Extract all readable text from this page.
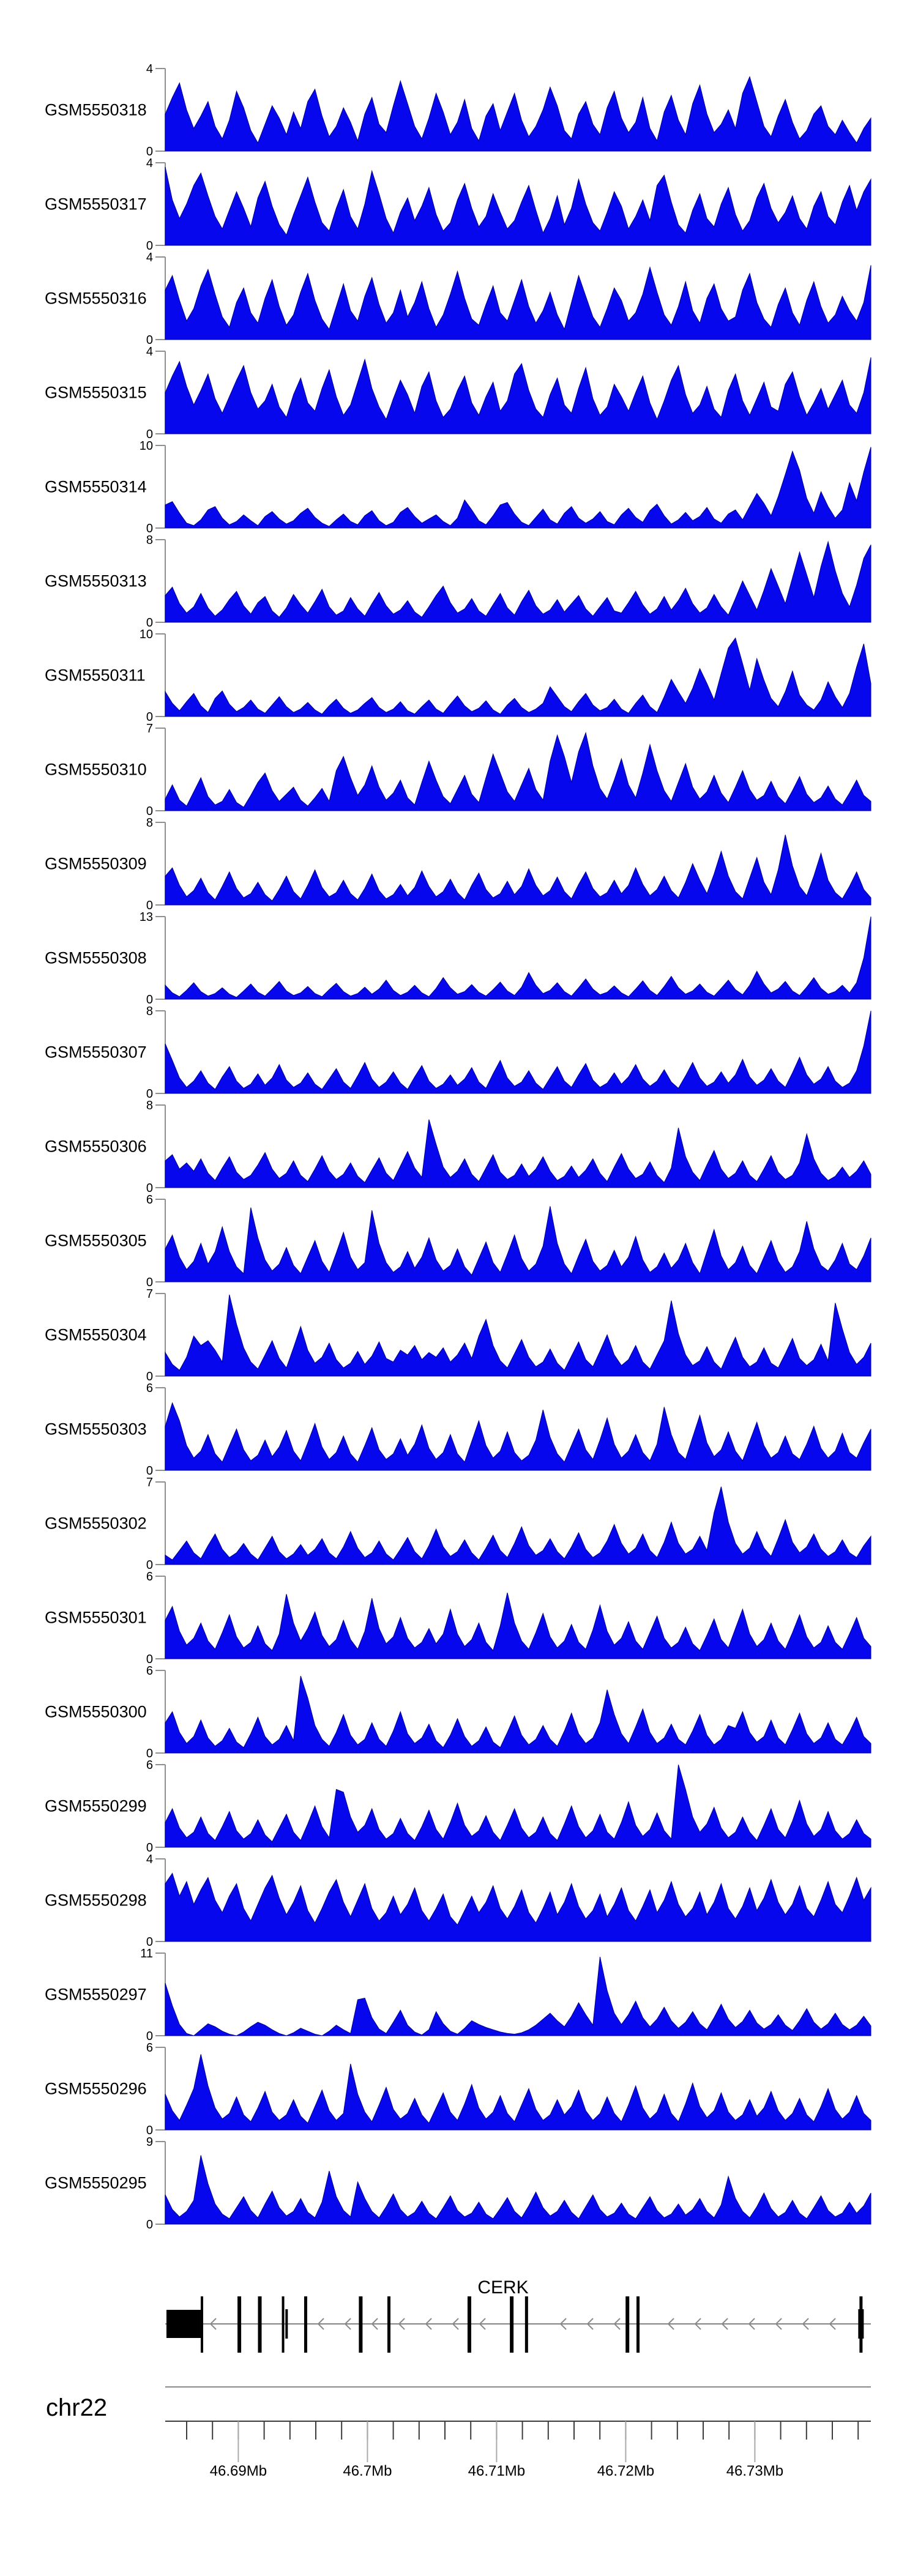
GSM5550318
4
0
GSM5550317
4
0
GSM5550316
4
0
GSM5550315
4
0
GSM5550314
10
0
GSM5550313
8
0
GSM5550311
10
0
GSM5550310
7
0
GSM5550309
8
0
GSM5550308
13
0
GSM5550307
8
0
GSM5550306
8
0
GSM5550305
6
0
GSM5550304
7
0
GSM5550303
6
0
GSM5550302
7
0
GSM5550301
6
0
GSM5550300
6
0
GSM5550299
6
0
GSM5550298
4
0
GSM5550297
11
0
GSM5550296
6
0
GSM5550295
9
0
CERK
chr22
46.69Mb	46.7Mb	46.71Mb	46.72Mb	46.73Mb
